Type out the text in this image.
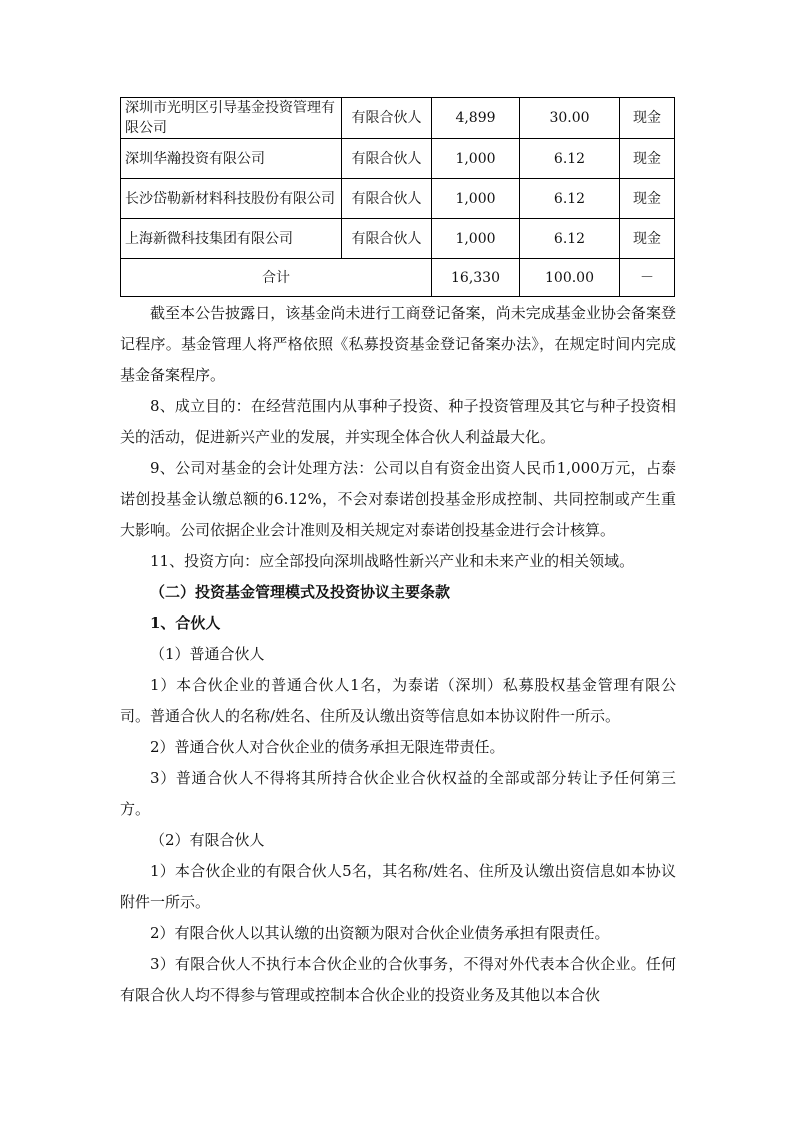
深圳市光明区引导基金投资管理有限公司	有限合伙人	4,899	30.00	现金
深圳华瀚投资有限公司	有限合伙人	1,000	6.12	现金
长沙岱勒新材料科技股份有限公司	有限合伙人	1,000	6.12	现金
上海新微科技集团有限公司	有限合伙人	1,000	6.12	现金
合计		16,330	100.00	－
截至本公告披露日，该基金尚未进行工商登记备案，尚未完成基金业协会备案登记程序。基金管理人将严格依照《私募投资基金登记备案办法》，在规定时间内完成基金备案程序。
8、成立目的：在经营范围内从事种子投资、种子投资管理及其它与种子投资相关的活动，促进新兴产业的发展，并实现全体合伙人利益最大化。
9、公司对基金的会计处理方法：公司以自有资金出资人民币1,000万元，占泰诺创投基金认缴总额的6.12%，不会对泰诺创投基金形成控制、共同控制或产生重大影响。公司依据企业会计准则及相关规定对泰诺创投基金进行会计核算。
11、投资方向：应全部投向深圳战略性新兴产业和未来产业的相关领域。
（二）投资基金管理模式及投资协议主要条款
1、合伙人
（1）普通合伙人
1）本合伙企业的普通合伙人1名，为泰诺（深圳）私募股权基金管理有限公司。普通合伙人的名称/姓名、住所及认缴出资等信息如本协议附件一所示。
2）普通合伙人对合伙企业的债务承担无限连带责任。
3）普通合伙人不得将其所持合伙企业合伙权益的全部或部分转让予任何第三方。
（2）有限合伙人
1）本合伙企业的有限合伙人5名，其名称/姓名、住所及认缴出资信息如本协议附件一所示。
2）有限合伙人以其认缴的出资额为限对合伙企业债务承担有限责任。
3）有限合伙人不执行本合伙企业的合伙事务，不得对外代表本合伙企业。任何有限合伙人均不得参与管理或控制本合伙企业的投资业务及其他以本合伙
